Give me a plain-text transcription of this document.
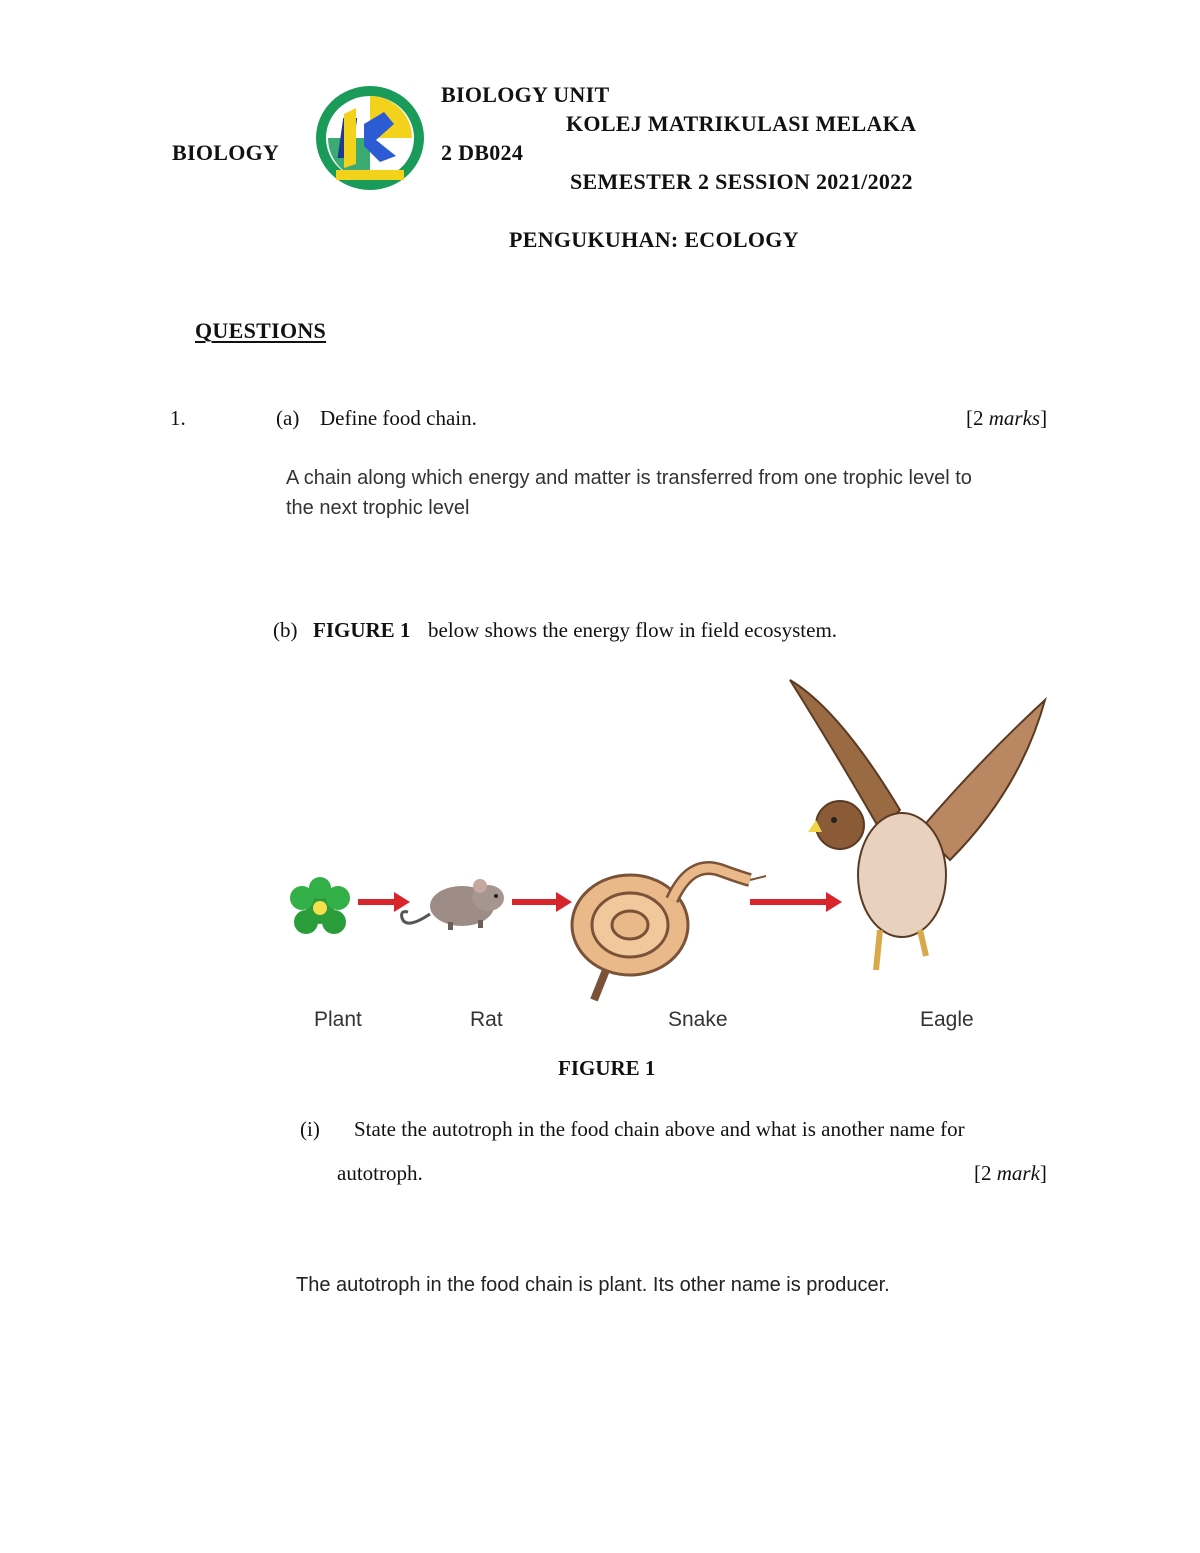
BIOLOGY
BIOLOGY UNIT
KOLEJ MATRIKULASI MELAKA
2 DB024
SEMESTER 2 SESSION 2021/2022
PENGUKUHAN: ECOLOGY
QUESTIONS
1.	(a) Define food chain.	[2 marks]
A chain along which energy and matter is transferred from one trophic level to
the next trophic level
(b) FIGURE 1 below shows the energy flow in field ecosystem.
Plant	Rat	Snake	Eagle
FIGURE 1
(i) State the autotroph in the food chain above and what is another name for
autotroph.	[2 mark]
The autotroph in the food chain is plant. Its other name is producer.
